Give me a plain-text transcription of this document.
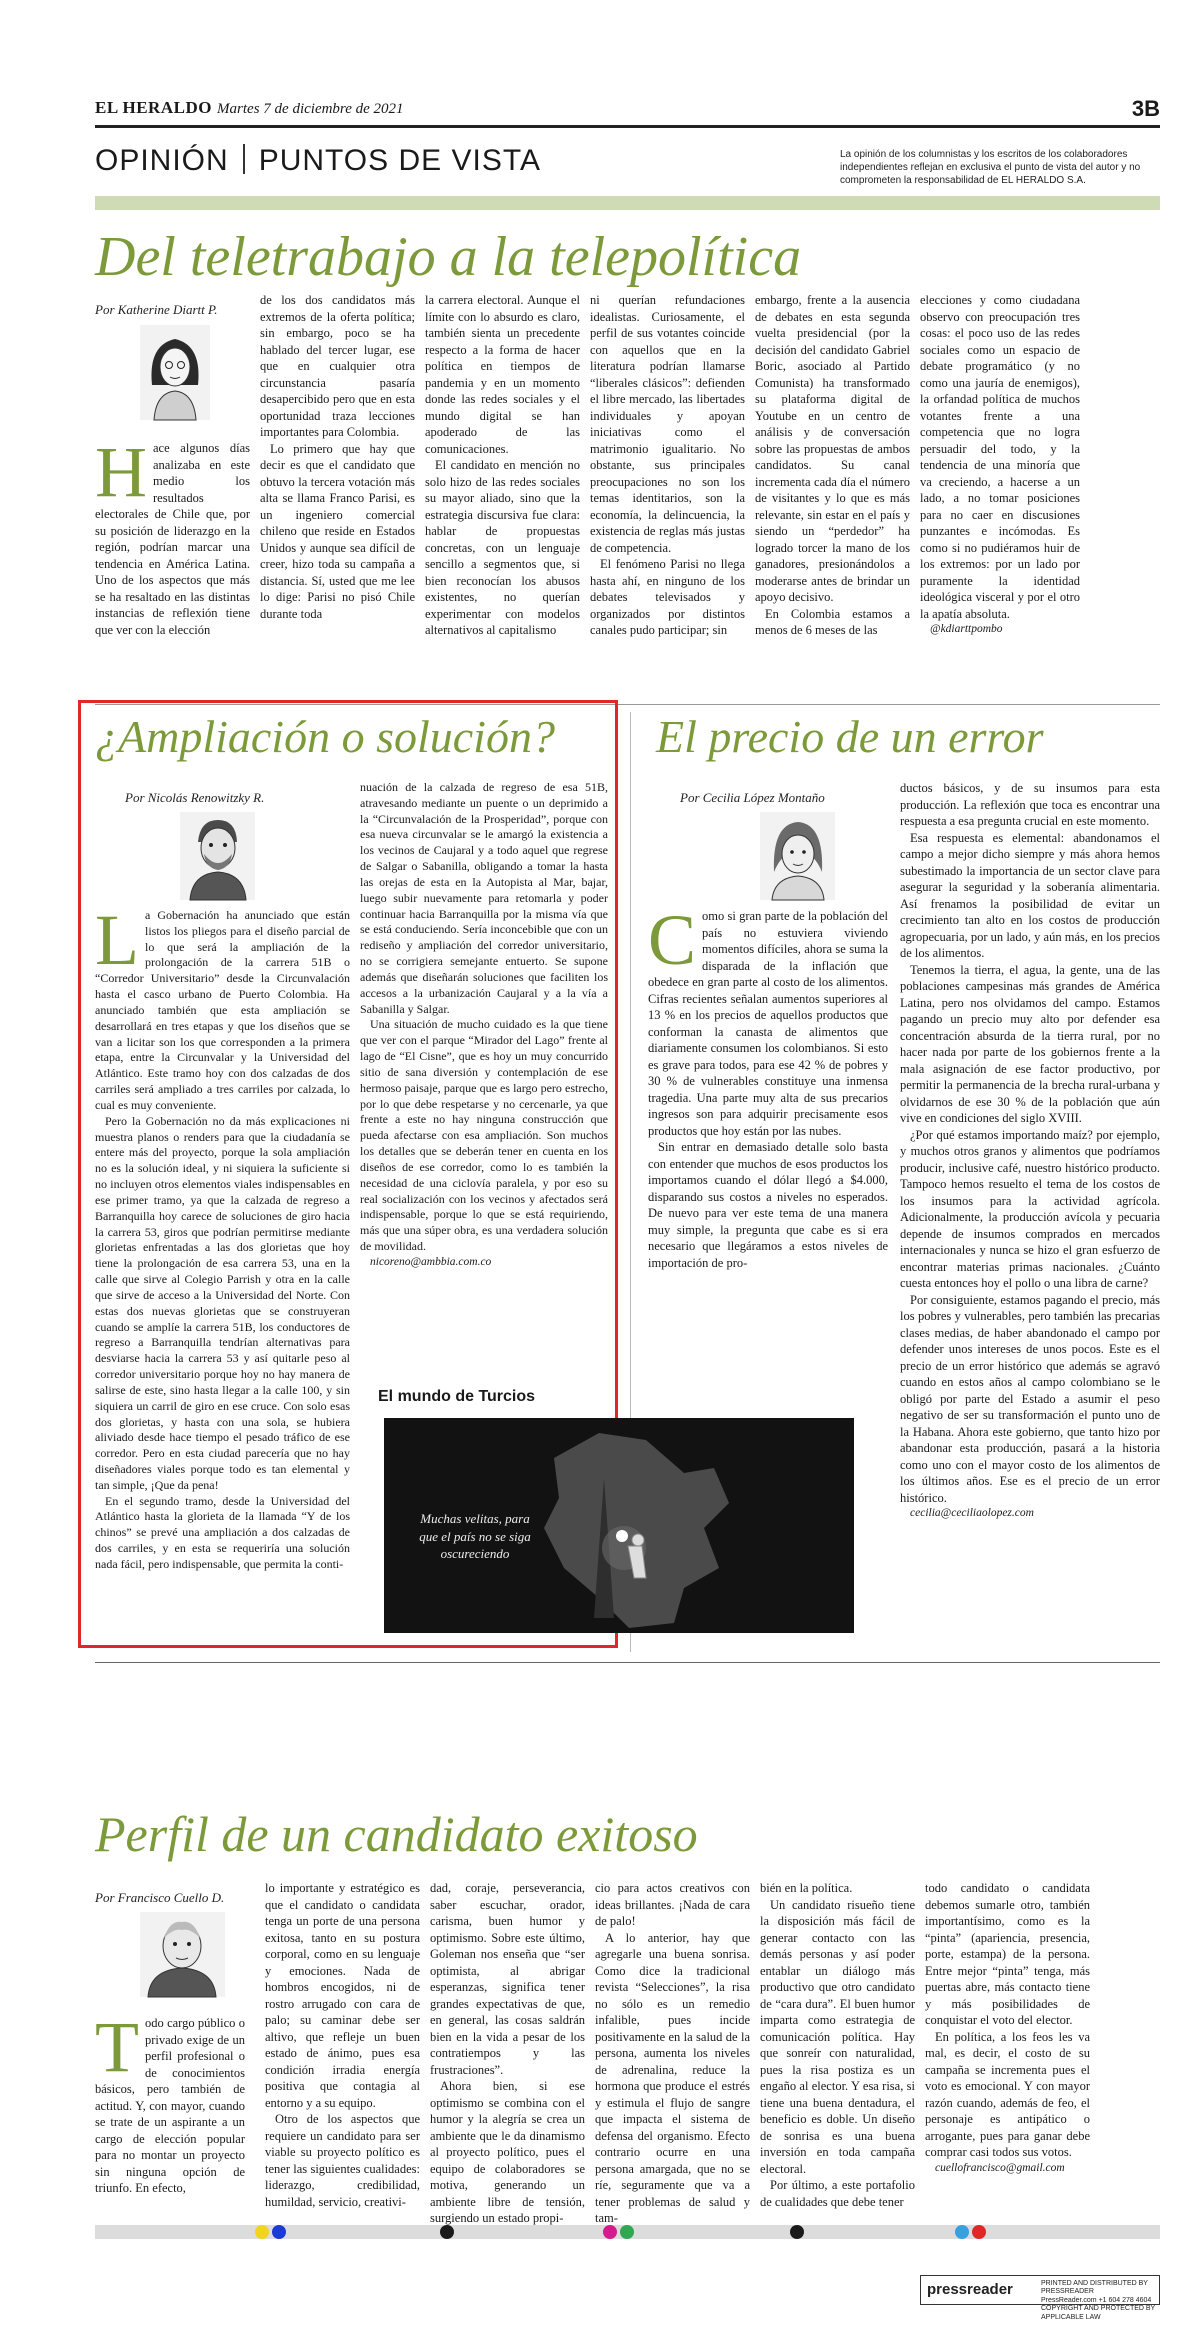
EL HERALDO Martes 7 de diciembre de 2021	3B
OPINIÓN PUNTOS DE VISTA	La opinión de los columnistas y los escritos de los colaboradores independientes reflejan en exclusiva el punto de vista del autor y no comprometen la responsabilidad de EL HERALDO S.A.
Del teletrabajo a la telepolítica
Por Katherine Diartt P.
H ace algunos días analizaba en este medio los resultados electorales de Chile que, por su posición de liderazgo en la región, podrían marcar una tendencia en América Latina. Uno de los aspectos que más se ha resaltado en las distintas instancias de reflexión tiene que ver con la elección

de los dos candidatos más extremos de la oferta política; sin embargo, poco se ha hablado del tercer lugar, ese que en cualquier otra circunstancia pasaría desapercibido pero que en esta oportunidad traza lecciones importantes para Colombia.

Lo primero que hay que decir es que el candidato que obtuvo la tercera votación más alta se llama Franco Parisi, es un ingeniero comercial chileno que reside en Estados Unidos y aunque sea difícil de creer, hizo toda su campaña a distancia. Sí, usted que me lee lo dige: Parisi no pisó Chile durante toda

la carrera electoral. Aunque el límite con lo absurdo es claro, también sienta un precedente respecto a la forma de hacer política en tiempos de pandemia y en un momento donde las redes sociales y el mundo digital se han apoderado de las comunicaciones.

El candidato en mención no solo hizo de las redes sociales su mayor aliado, sino que la estrategia discursiva fue clara: hablar de propuestas concretas, con un lenguaje sencillo a segmentos que, si bien reconocían los abusos existentes, no querían experimentar con modelos alternativos al capitalismo

ni querían refundaciones idealistas. Curiosamente, el perfil de sus votantes coincide con aquellos que en la literatura podrían llamarse “liberales clásicos”: defienden el libre mercado, las libertades individuales y apoyan iniciativas como el matrimonio igualitario. No obstante, sus principales preocupaciones no son los temas identitarios, son la economía, la delincuencia, la existencia de reglas más justas de competencia.

El fenómeno Parisi no llega hasta ahí, en ninguno de los debates televisados y organizados por distintos canales pudo participar; sin

embargo, frente a la ausencia de debates en esta segunda vuelta presidencial (por la decisión del candidato Gabriel Boric, asociado al Partido Comunista) ha transformado su plataforma digital de Youtube en un centro de análisis y de conversación sobre las propuestas de ambos candidatos. Su canal incrementa cada día el número de visitantes y lo que es más relevante, sin estar en el país y siendo un “perdedor” ha logrado torcer la mano de los ganadores, presionándolos a moderarse antes de brindar un apoyo decisivo.

En Colombia estamos a menos de 6 meses de las

elecciones y como ciudadana observo con preocupación tres cosas: el poco uso de las redes sociales como un espacio de debate programático (y no como una jauría de enemigos), la orfandad política de muchos votantes frente a una competencia que no logra persuadir del todo, y la tendencia de una minoría que va creciendo, a hacerse a un lado, a no tomar posiciones para no caer en discusiones punzantes e incómodas. Es como si no pudiéramos huir de los extremos: por un lado por puramente la identidad ideológica visceral y por el otro la apatía absoluta.

@kdiarttpombo

¿Ampliación o solución?
Por Nicolás Renowitzky R.
L a Gobernación ha anunciado que están listos los pliegos para el diseño parcial de lo que será la ampliación de la prolongación de la carrera 51B o “Corredor Universitario” desde la Circunvalación hasta el casco urbano de Puerto Colombia. Ha anunciado también que esta ampliación se desarrollará en tres etapas y que los diseños que se van a licitar son los que corresponden a la primera etapa, entre la Circunvalar y la Universidad del Atlántico. Este tramo hoy con dos calzadas de dos carriles será ampliado a tres carriles por calzada, lo cual es muy conveniente.

Pero la Gobernación no da más explicaciones ni muestra planos o renders para que la ciudadanía se entere más del proyecto, porque la sola ampliación no es la solución ideal, y ni siquiera la suficiente si no incluyen otros elementos viales indispensables en ese primer tramo, ya que la calzada de regreso a Barranquilla hoy carece de soluciones de giro hacia la carrera 53, giros que podrían permitirse mediante glorietas enfrentadas a las dos glorietas que hoy tiene la prolongación de esa carrera 53, una en la calle que sirve al Colegio Parrish y otra en la calle que sirve de acceso a la Universidad del Norte. Con estas dos nuevas glorietas que se construyeran cuando se amplíe la carrera 51B, los conductores de regreso a Barranquilla tendrían alternativas para desviarse hacia la carrera 53 y así quitarle peso al corredor universitario porque hoy no hay manera de salirse de este, sino hasta llegar a la calle 100, y sin siquiera un carril de giro en ese cruce. Con solo esas dos glorietas, y hasta con una sola, se hubiera aliviado desde hace tiempo el pesado tráfico de ese corredor. Pero en esta ciudad parecería que no hay diseñadores viales porque todo es tan elemental y tan simple, ¡Que da pena!

En el segundo tramo, desde la Universidad del Atlántico hasta la glorieta de la llamada “Y de los chinos” se prevé una ampliación a dos calzadas de dos carriles, y en esta se requeriría una solución nada fácil, pero indispensable, que permita la conti-

nuación de la calzada de regreso de esa 51B, atravesando mediante un puente o un deprimido a la “Circunvalación de la Prosperidad”, porque con esa nueva circunvalar se le amargó la existencia a los vecinos de Caujaral y a todo aquel que regrese de Salgar o Sabanilla, obligando a tomar la hasta las orejas de esta en la Autopista al Mar, bajar, luego subir nuevamente para retomarla y poder continuar hacia Barranquilla por la misma vía que se está conduciendo. Sería inconcebible que con un rediseño y ampliación del corredor universitario, no se corrigiera semejante entuerto. Se supone además que diseñarán soluciones que faciliten los accesos a la urbanización Caujaral y a la vía a Sabanilla y Salgar.

Una situación de mucho cuidado es la que tiene que ver con el parque “Mirador del Lago” frente al lago de “El Cisne”, que es hoy un muy concurrido sitio de sana diversión y contemplación de ese hermoso paisaje, parque que es largo pero estrecho, por lo que debe respetarse y no cercenarle, ya que frente a este no hay ninguna construcción que pueda afectarse con esa ampliación. Son muchos los detalles que se deberán tener en cuenta en los diseños de ese corredor, como lo es también la necesidad de una ciclovía paralela, y por eso su real socialización con los vecinos y afectados será indispensable, porque lo que se está requiriendo, más que una súper obra, es una verdadera solución de movilidad.

nicoreno@ambbia.com.co

El mundo de Turcios
Muchas velitas, para que el país no se siga oscureciendo
El precio de un error
Por Cecilia López Montaño
C omo si gran parte de la población del país no estuviera viviendo momentos difíciles, ahora se suma la disparada de la inflación que obedece en gran parte al costo de los alimentos. Cifras recientes señalan aumentos superiores al 13 % en los precios de aquellos productos que conforman la canasta de alimentos que diariamente consumen los colombianos. Si esto es grave para todos, para ese 42 % de pobres y 30 % de vulnerables constituye una inmensa tragedia. Una parte muy alta de sus precarios ingresos son para adquirir precisamente esos productos que hoy están por las nubes.

Sin entrar en demasiado detalle solo basta con entender que muchos de esos productos los importamos cuando el dólar llegó a $4.000, disparando sus costos a niveles no esperados. De nuevo para ver este tema de una manera muy simple, la pregunta que cabe es si era necesario que llegáramos a estos niveles de importación de pro-

ductos básicos, y de su insumos para esta producción. La reflexión que toca es encontrar una respuesta a esa pregunta crucial en este momento.

Esa respuesta es elemental: abandonamos el campo a mejor dicho siempre y más ahora hemos subestimado la importancia de un sector clave para asegurar la seguridad y la soberanía alimentaria. Así frenamos la posibilidad de evitar un crecimiento tan alto en los costos de producción agropecuaria, por un lado, y aún más, en los precios de los alimentos.

Tenemos la tierra, el agua, la gente, una de las poblaciones campesinas más grandes de América Latina, pero nos olvidamos del campo. Estamos pagando un precio muy alto por defender esa concentración absurda de la tierra rural, por no hacer nada por parte de los gobiernos frente a la mala asignación de ese factor productivo, por permitir la permanencia de la brecha rural-urbana y olvidarnos de ese 30 % de la población que aún vive en condiciones del siglo XVIII.

¿Por qué estamos importando maíz? por ejemplo, y muchos otros granos y alimentos que podríamos producir, inclusive café, nuestro histórico producto. Tampoco hemos resuelto el tema de los costos de los insumos para la actividad agrícola. Adicionalmente, la producción avícola y pecuaria depende de insumos comprados en mercados internacionales y nunca se hizo el gran esfuerzo de encontrar materias primas nacionales. ¿Cuánto cuesta entonces hoy el pollo o una libra de carne?

Por consiguiente, estamos pagando el precio, más los pobres y vulnerables, pero también las precarias clases medias, de haber abandonado el campo por defender unos intereses de unos pocos. Este es el precio de un error histórico que además se agravó cuando en estos años al campo colombiano se le obligó por parte del Estado a asumir el peso negativo de ser su transformación el punto uno de la Habana. Ahora este gobierno, que tanto hizo por abandonar esta producción, pasará a la historia como uno con el mayor costo de los alimentos de los últimos años. Ese es el precio de un error histórico.

cecilia@ceciliaolopez.com

Perfil de un candidato exitoso
Por Francisco Cuello D.
T odo cargo público o privado exige de un perfil profesional o de conocimientos básicos, pero también de actitud. Y, con mayor, cuando se trate de un aspirante a un cargo de elección popular para no montar un proyecto sin ninguna opción de triunfo. En efecto,

lo importante y estratégico es que el candidato o candidata tenga un porte de una persona exitosa, tanto en su postura corporal, como en su lenguaje y emociones. Nada de hombros encogidos, ni de rostro arrugado con cara de palo; su caminar debe ser altivo, que refleje un buen estado de ánimo, pues esa condición irradia energía positiva que contagia al entorno y a su equipo.

Otro de los aspectos que requiere un candidato para ser viable su proyecto político es tener las siguientes cualidades: liderazgo, credibilidad, humildad, servicio, creativi-

dad, coraje, perseverancia, saber escuchar, orador, carisma, buen humor y optimismo. Sobre este último, Goleman nos enseña que “ser optimista, al abrigar esperanzas, significa tener grandes expectativas de que, en general, las cosas saldrán bien en la vida a pesar de los contratiempos y las frustraciones”.

Ahora bien, si ese optimismo se combina con el humor y la alegría se crea un ambiente que le da dinamismo al proyecto político, pues el equipo de colaboradores se motiva, generando un ambiente libre de tensión, surgiendo un estado propi-

cio para actos creativos con ideas brillantes. ¡Nada de cara de palo!

A lo anterior, hay que agregarle una buena sonrisa. Como dice la tradicional revista “Selecciones”, la risa no sólo es un remedio infalible, pues incide positivamente en la salud de la persona, aumenta los niveles de adrenalina, reduce la hormona que produce el estrés y estimula el flujo de sangre que impacta el sistema de defensa del organismo. Efecto contrario ocurre en una persona amargada, que no se ríe, seguramente que va a tener problemas de salud y tam-

bién en la política.

Un candidato risueño tiene la disposición más fácil de generar contacto con las demás personas y así poder entablar un diálogo más productivo que otro candidato de “cara dura”. El buen humor imparta como estrategia de comunicación política. Hay que sonreír con naturalidad, pues la risa postiza es un engaño al elector. Y esa risa, si tiene una buena dentadura, el beneficio es doble. Un diseño de sonrisa es una buena inversión en toda campaña electoral.

Por último, a este portafolio de cualidades que debe tener

todo candidato o candidata debemos sumarle otro, también importantísimo, como es la “pinta” (apariencia, presencia, porte, estampa) de la persona. Entre mejor “pinta” tenga, más puertas abre, más contacto tiene y más posibilidades de conquistar el voto del elector.

En política, a los feos les va mal, es decir, el costo de su campaña se incrementa pues el voto es emocional. Y con mayor razón cuando, además de feo, el personaje es antipático o arrogante, pues para ganar debe comprar casi todos sus votos.

cuellofrancisco@gmail.com

pressreader	PRINTED AND DISTRIBUTED BY PRESSREADER
PressReader.com +1 604 278 4604
COPYRIGHT AND PROTECTED BY APPLICABLE LAW
